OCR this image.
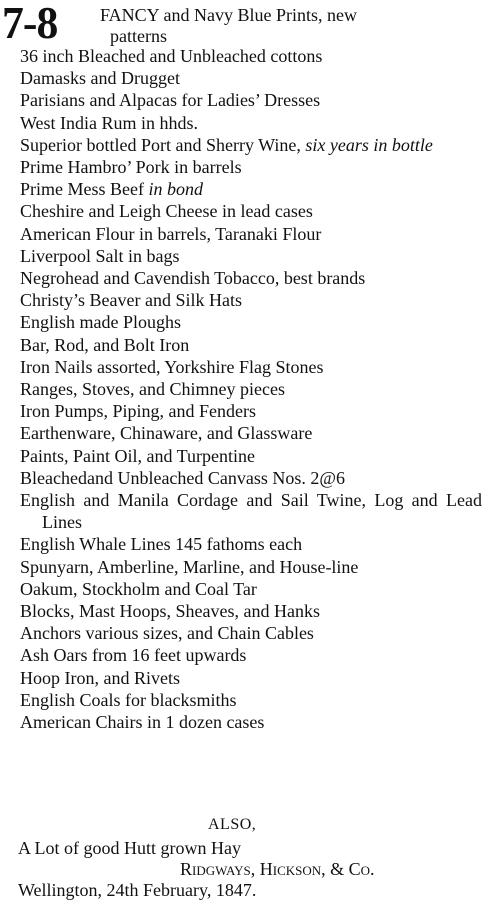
7-8 FANCY and Navy Blue Prints, new
patterns
36 inch Bleached and Unbleached cottons
Damasks and Drugget
Parisians and Alpacas for Ladies’ Dresses
West India Rum in hhds.
Superior bottled Port and Sherry Wine, six years in bottle
Prime Hambro’ Pork in barrels
Prime Mess Beef in bond
Cheshire and Leigh Cheese in lead cases
American Flour in barrels, Taranaki Flour
Liverpool Salt in bags
Negrohead and Cavendish Tobacco, best brands
Christy’s Beaver and Silk Hats
English made Ploughs
Bar, Rod, and Bolt Iron
Iron Nails assorted, Yorkshire Flag Stones
Ranges, Stoves, and Chimney pieces
Iron Pumps, Piping, and Fenders
Earthenware, Chinaware, and Glassware
Paints, Paint Oil, and Turpentine
Bleachedand Unbleached Canvass Nos. 2@6
English and Manila Cordage and Sail Twine, Log and Lead Lines
English Whale Lines 145 fathoms each
Spunyarn, Amberline, Marline, and House-line
Oakum, Stockholm and Coal Tar
Blocks, Mast Hoops, Sheaves, and Hanks
Anchors various sizes, and Chain Cables
Ash Oars from 16 feet upwards
Hoop Iron, and Rivets
English Coals for blacksmiths
American Chairs in 1 dozen cases
ALSO,
A Lot of good Hutt grown Hay
Ridgways, Hickson, & Co.
Wellington, 24th February, 1847.
